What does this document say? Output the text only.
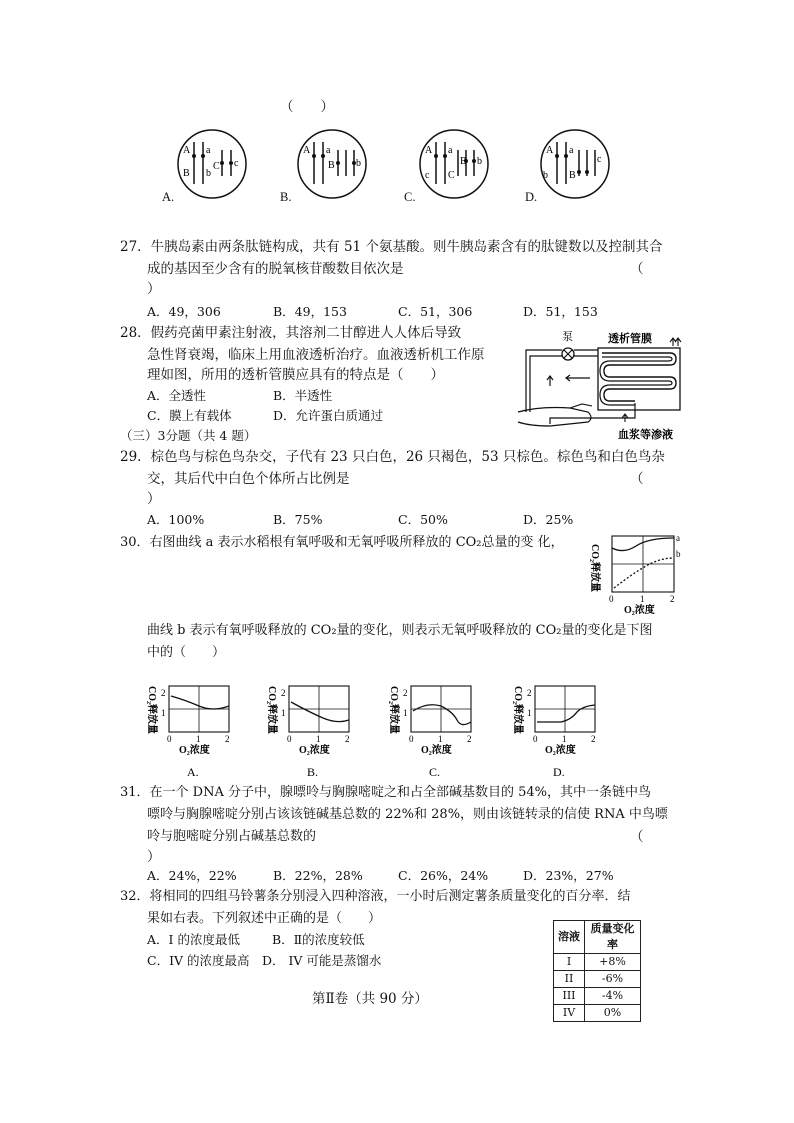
（　　）
A a
B b
C c
A a
B b
A a
B b
c C
A a
c
b B
A.	B.	C.	D.
27．牛胰岛素由两条肽链构成，共有 51 个氨基酸。则牛胰岛素含有的肽键数以及控制其合
成的基因至少含有的脱氧核苷酸数目依次是	（
）
A．49，306	B．49，153	C．51，306	D．51，153
28．假药亮菌甲素注射液，其溶剂二甘醇进人人体后导致
急性肾衰竭，临床上用血液透析治疗。血液透析机工作原
理如图，所用的透析管膜应具有的特点是（　　）
A．全透性	B．半透性
C．膜上有载体	D．允许蛋白质通过
泵	透析管膜
血浆等渗液
（三）3分题（共 4 题）
29．棕色鸟与棕色鸟杂交，子代有 23 只白色，26 只褐色，53 只棕色。棕色鸟和白色鸟杂
交，其后代中白色个体所占比例是	（
）
A．100%	B．75%	C．50%	D．25%
30．右图曲线 a 表示水稻根有氧呼吸和无氧呼吸所释放的 CO₂总量的变 化，
CO₂释放量
a
b
0	1	2
O₂浓度
曲线 b 表示有氧呼吸释放的 CO₂量的变化，则表示无氧呼吸释放的 CO₂量的变化是下图
中的（　　）
CO₂释放量 2
1
0	1	2
O₂浓度
A.
CO₂释放量 2
1
0	1	2
O₂浓度
B.
CO₂释放量 2
1
0	1	2
O₂浓度
C.
CO₂释放量 2
1
0	1	2
O₂浓度
D.
31．在一个 DNA 分子中，腺嘌呤与胸腺嘧啶之和占全部碱基数目的 54%，其中一条链中鸟
嘌呤与胸腺嘧啶分别占该该链碱基总数的 22%和 28%，则由该链转录的信使 RNA 中鸟嘌
呤与胞嘧啶分别占碱基总数的	（
）
A．24%，22%	B．22%，28%	C．26%，24%	D．23%，27%
32．将相同的四组马铃薯条分别浸入四种溶液，一小时后测定薯条质量变化的百分率．结
果如右表。下列叙述中正确的是（　　）
A．I 的浓度最低	B．Ⅱ的浓度较低
C．IV 的浓度最高 D． IV 可能是蒸馏水
溶液	质量变化率
I	+8%
II	-6%
III	-4%
IV	0%
第Ⅱ卷（共 90 分）
